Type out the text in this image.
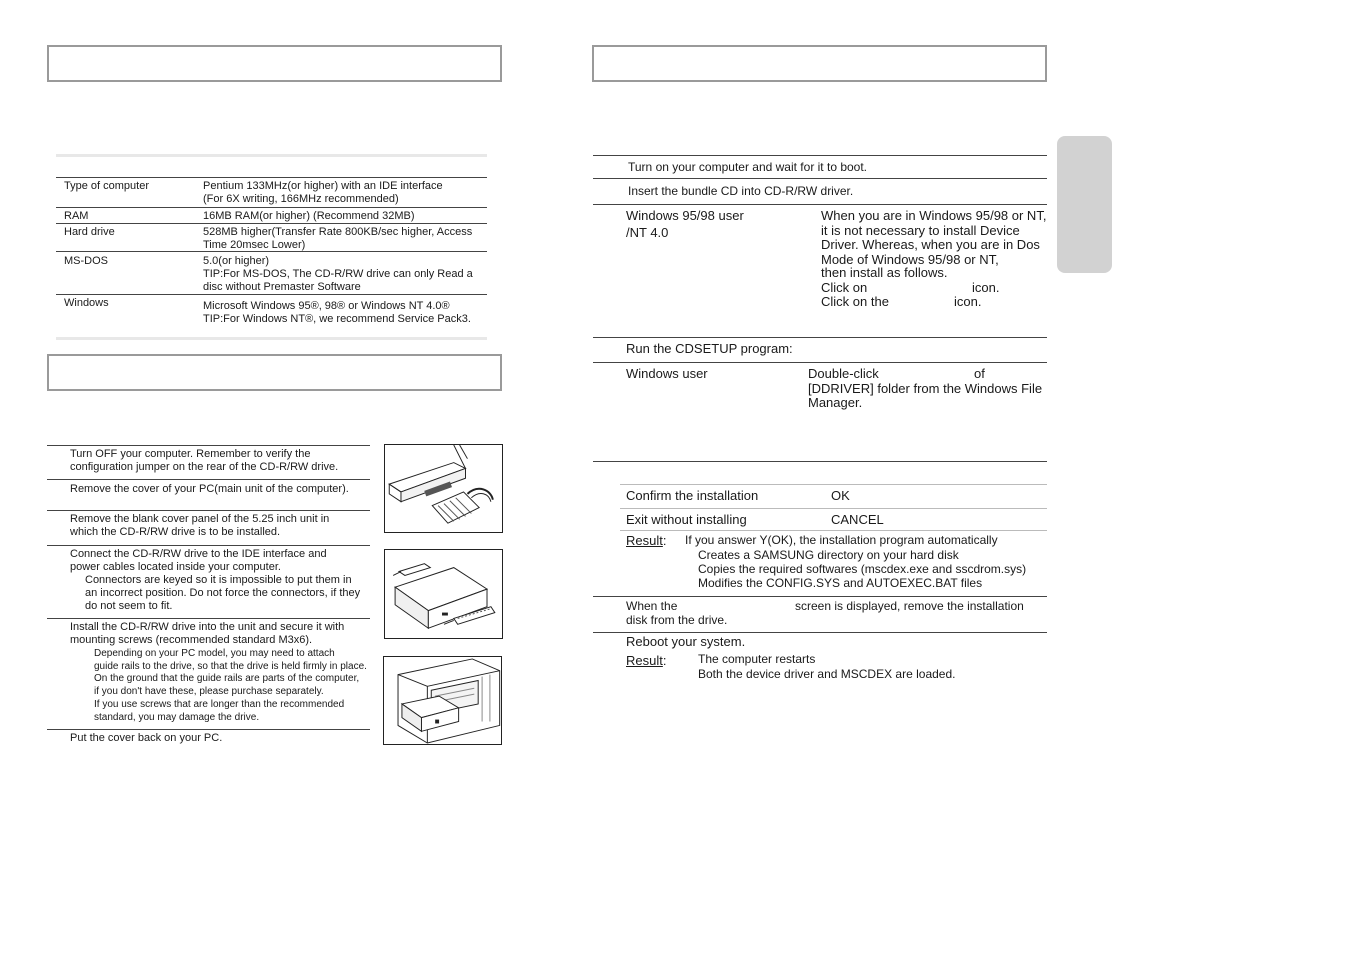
Type of computer	Pentium 133MHz(or higher) with an IDE interface
(For 6X writing, 166MHz recommended)
RAM	16MB RAM(or higher) (Recommend 32MB)
Hard drive	528MB higher(Transfer Rate 800KB/sec higher, Access
Time 20msec Lower)
MS-DOS	5.0(or higher)
TIP:For MS-DOS, The CD-R/RW drive can only Read a
disc without Premaster Software
Windows	Microsoft Windows 95®, 98® or Windows NT 4.0®
TIP:For Windows NT®, we recommend Service Pack3.
Turn OFF your computer. Remember to verify the
configuration jumper on the rear of the CD-R/RW drive.
Remove the cover of your PC(main unit of the computer).
Remove the blank cover panel of the 5.25 inch unit in
which the CD-R/RW drive is to be installed.
Connect the CD-R/RW drive to the IDE interface and
power cables located inside your computer.
Connectors are keyed so it is impossible to put them in
an incorrect position. Do not force the connectors, if they
do not seem to fit.
Install the CD-R/RW drive into the unit and secure it with
mounting screws (recommended standard M3x6).
Depending on your PC model, you may need to attach
guide rails to the drive, so that the drive is held firmly in place.
On the ground that the guide rails are parts of the computer,
if you don't have these, please purchase separately.
If you use screws that are longer than the recommended
standard, you may damage the drive.
Put the cover back on your PC.
Turn on your computer and wait for it to boot.
Insert the bundle CD into CD-R/RW driver.
Windows 95/98 user
/NT 4.0
When you are in Windows 95/98 or NT,
it is not necessary to install Device
Driver. Whereas, when you are in Dos
Mode of Windows 95/98 or NT,
then install as follows.
Click on	icon.
Click on the	icon.
Run the CDSETUP program:
Windows user	Double-click	of
[DDRIVER] folder from the Windows File
Manager.
Confirm the installation	OK
Exit without installing	CANCEL
Result: If you answer Y(OK), the installation program automatically
Creates a SAMSUNG directory on your hard disk
Copies the required softwares (mscdex.exe and sscdrom.sys)
Modifies the CONFIG.SYS and AUTOEXEC.BAT files
When the	screen is displayed, remove the installation
disk from the drive.
Reboot your system.
Result:	The computer restarts
Both the device driver and MSCDEX are loaded.
